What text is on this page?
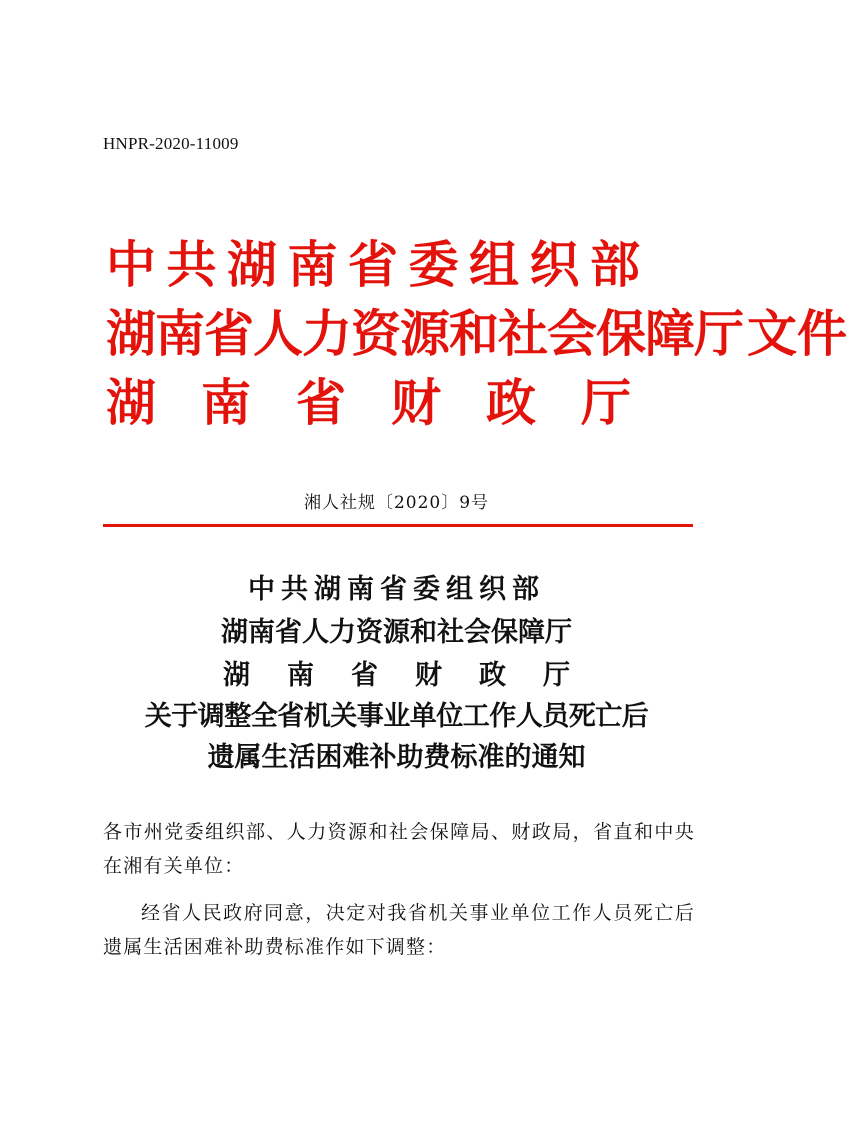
HNPR-2020-11009
中共湖南省委组织部
湖南省人力资源和社会保障厅文件
湖 南 省 财 政 厅
湘人社规〔2020〕9号
中共湖南省委组织部
湖南省人力资源和社会保障厅
湖 南 省 财 政 厅
关于调整全省机关事业单位工作人员死亡后
遗属生活困难补助费标准的通知
各市州党委组织部、人力资源和社会保障局、财政局，省直和中央在湘有关单位：
经省人民政府同意，决定对我省机关事业单位工作人员死亡后遗属生活困难补助费标准作如下调整：
